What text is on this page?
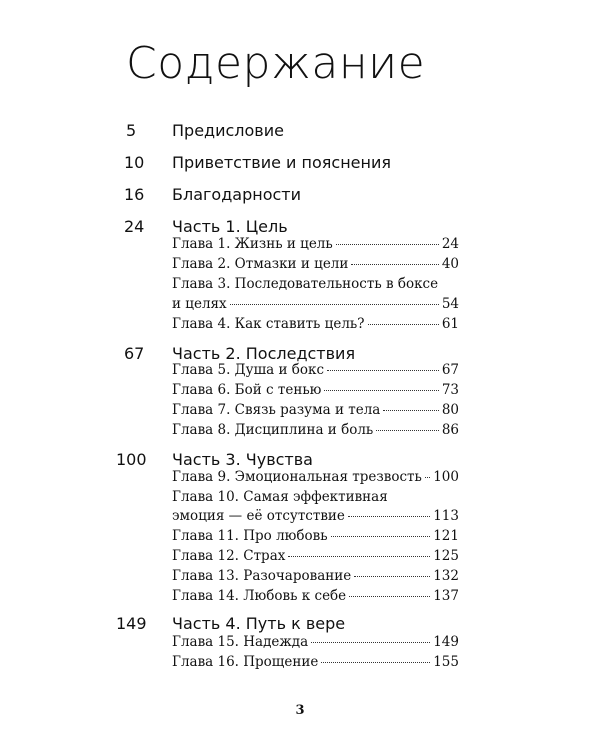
Содержание
5 Предисловие
10 Приветствие и пояснения
16 Благодарности
24 Часть 1. Цель
Глава 1. Жизнь и цель	24
Глава 2. Отмазки и цели	40
Глава 3. Последовательность в боксе
и целях	54
Глава 4. Как ставить цель?	61
67 Часть 2. Последствия
Глава 5. Душа и бокс	67
Глава 6. Бой с тенью	73
Глава 7. Связь разума и тела	80
Глава 8. Дисциплина и боль	86
100 Часть 3. Чувства
Глава 9. Эмоциональная трезвость 100
Глава 10. Самая эффективная
эмоция — её отсутствие	113
Глава 11. Про любовь	121
Глава 12. Страх	125
Глава 13. Разочарование	132
Глава 14. Любовь к себе	137
149 Часть 4. Путь к вере
Глава 15. Надежда	149
Глава 16. Прощение	155
3
